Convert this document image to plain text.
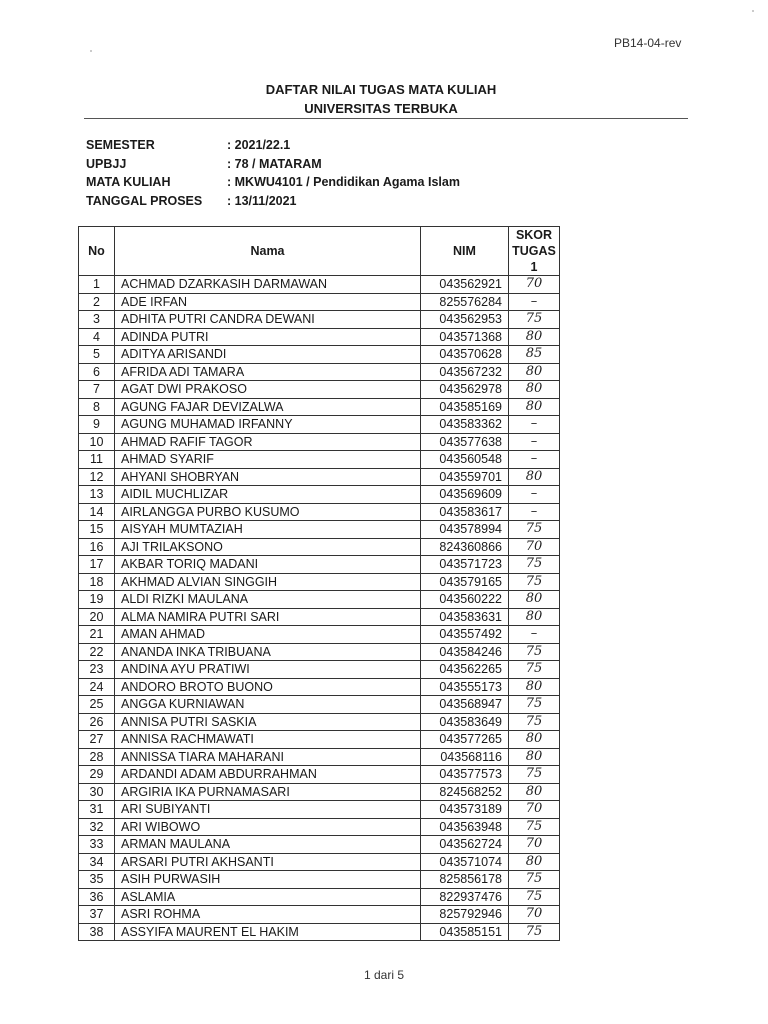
PB14-04-rev
DAFTAR NILAI TUGAS MATA KULIAH
UNIVERSITAS TERBUKA
SEMESTER	: 2021/22.1
UPBJJ	: 78 / MATARAM
MATA KULIAH	: MKWU4101 / Pendidikan Agama Islam
TANGGAL PROSES	: 13/11/2021
No	Nama	NIM	SKOR
TUGAS
1

1	ACHMAD DZARKASIH DARMAWAN	043562921	70
2	ADE IRFAN	825576284	–
3	ADHITA PUTRI CANDRA DEWANI	043562953	75
4	ADINDA PUTRI	043571368	80
5	ADITYA ARISANDI	043570628	85
6	AFRIDA ADI TAMARA	043567232	80
7	AGAT DWI PRAKOSO	043562978	80
8	AGUNG FAJAR DEVIZALWA	043585169	80
9	AGUNG MUHAMAD IRFANNY	043583362	–
10	AHMAD RAFIF TAGOR	043577638	–
11	AHMAD SYARIF	043560548	–
12	AHYANI SHOBRYAN	043559701	80
13	AIDIL MUCHLIZAR	043569609	–
14	AIRLANGGA PURBO KUSUMO	043583617	–
15	AISYAH MUMTAZIAH	043578994	75
16	AJI TRILAKSONO	824360866	70
17	AKBAR TORIQ MADANI	043571723	75
18	AKHMAD ALVIAN SINGGIH	043579165	75
19	ALDI RIZKI MAULANA	043560222	80
20	ALMA NAMIRA PUTRI SARI	043583631	80
21	AMAN AHMAD	043557492	–
22	ANANDA INKA TRIBUANA	043584246	75
23	ANDINA AYU PRATIWI	043562265	75
24	ANDORO BROTO BUONO	043555173	80
25	ANGGA KURNIAWAN	043568947	75
26	ANNISA PUTRI SASKIA	043583649	75
27	ANNISA RACHMAWATI	043577265	80
28	ANNISSA TIARA MAHARANI	043568116	80
29	ARDANDI ADAM ABDURRAHMAN	043577573	75
30	ARGIRIA IKA PURNAMASARI	824568252	80
31	ARI SUBIYANTI	043573189	70
32	ARI WIBOWO	043563948	75
33	ARMAN MAULANA	043562724	70
34	ARSARI PUTRI AKHSANTI	043571074	80
35	ASIH PURWASIH	825856178	75
36	ASLAMIA	822937476	75
37	ASRI ROHMA	825792946	70
38	ASSYIFA MAURENT EL HAKIM	043585151	75
1 dari 5
